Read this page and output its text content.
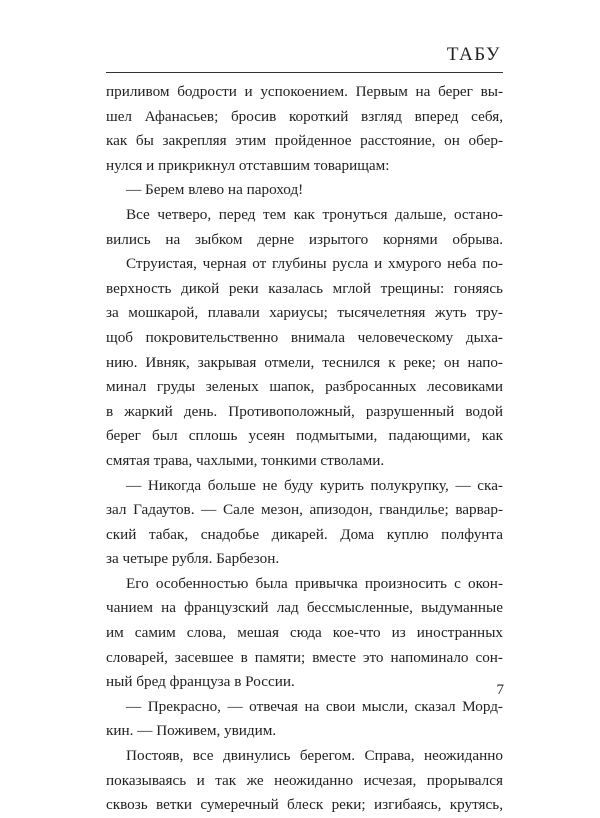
ТАБУ
приливом бодрости и успокоением. Первым на берег вы-
шел Афанасьев; бросив короткий взгляд вперед себя,
как бы закрепляя этим пройденное расстояние, он обер-
нулся и прикрикнул отставшим товарищам:
— Берем влево на пароход!
Все четверо, перед тем как тронуться дальше, остано-
вились на зыбком дерне изрытого корнями обрыва.
Струистая, черная от глубины русла и хмурого неба по-
верхность дикой реки казалась мглой трещины: гоняясь
за мошкарой, плавали хариусы; тысячелетняя жуть тру-
щоб покровительственно внимала человеческому дыха-
нию. Ивняк, закрывая отмели, теснился к реке; он напо-
минал груды зеленых шапок, разбросанных лесовиками
в жаркий день. Противоположный, разрушенный водой
берег был сплошь усеян подмытыми, падающими, как
смятая трава, чахлыми, тонкими стволами.
— Никогда больше не буду курить полукрупку, — ска-
зал Гадаутов. — Сале мезон, апизодон, гвандилье; варвар-
ский табак, снадобье дикарей. Дома куплю полфунта
за четыре рубля. Барбезон.
Его особенностью была привычка произносить с окон-
чанием на французский лад бессмысленные, выдуманные
им самим слова, мешая сюда кое-что из иностранных
словарей, засевшее в памяти; вместе это напоминало сон-
ный бред француза в России.
— Прекрасно, — отвечая на свои мысли, сказал Морд-
кин. — Поживем, увидим.
Постояв, все двинулись берегом. Справа, неожиданно
показываясь и так же неожиданно исчезая, прорывался
сквозь ветки сумеречный блеск реки; изгибаясь, крутясь,
7
